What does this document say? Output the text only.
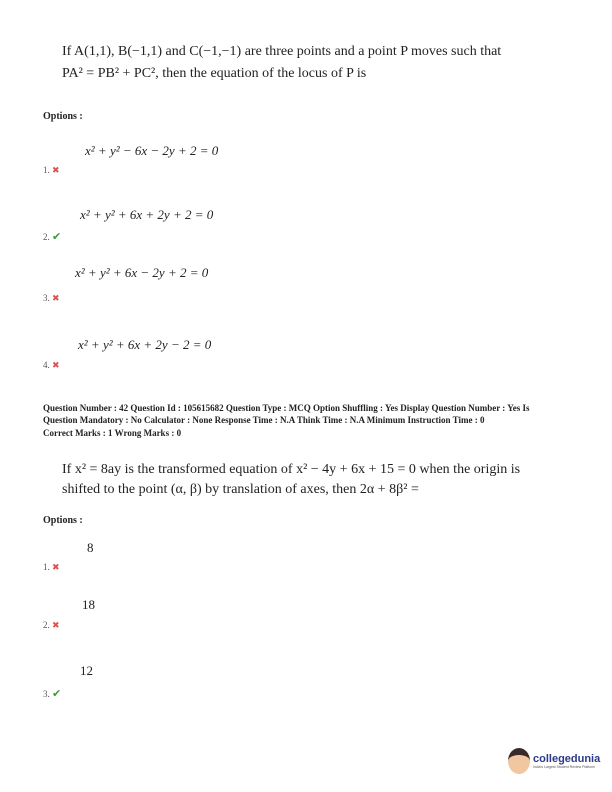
If A(1,1), B(−1,1) and C(−1,−1) are three points and a point P moves such that
PA² = PB² + PC², then the equation of the locus of P is
Options :
x² + y² − 6x − 2y + 2 = 0
1. ✖
x² + y² + 6x + 2y + 2 = 0
2. ✔
x² + y² + 6x − 2y + 2 = 0
3. ✖
x² + y² + 6x + 2y − 2 = 0
4. ✖
Question Number : 42 Question Id : 105615682 Question Type : MCQ Option Shuffling : Yes Display Question Number : Yes Is
Question Mandatory : No Calculator : None Response Time : N.A Think Time : N.A Minimum Instruction Time : 0
Correct Marks : 1 Wrong Marks : 0
If x² = 8ay is the transformed equation of x² − 4y + 6x + 15 = 0 when the origin is
shifted to the point (α, β) by translation of axes, then 2α + 8β² =
Options :
8
1. ✖
18
2. ✖
12
3. ✔
collegedunia
India's Largest Student Review Platform
